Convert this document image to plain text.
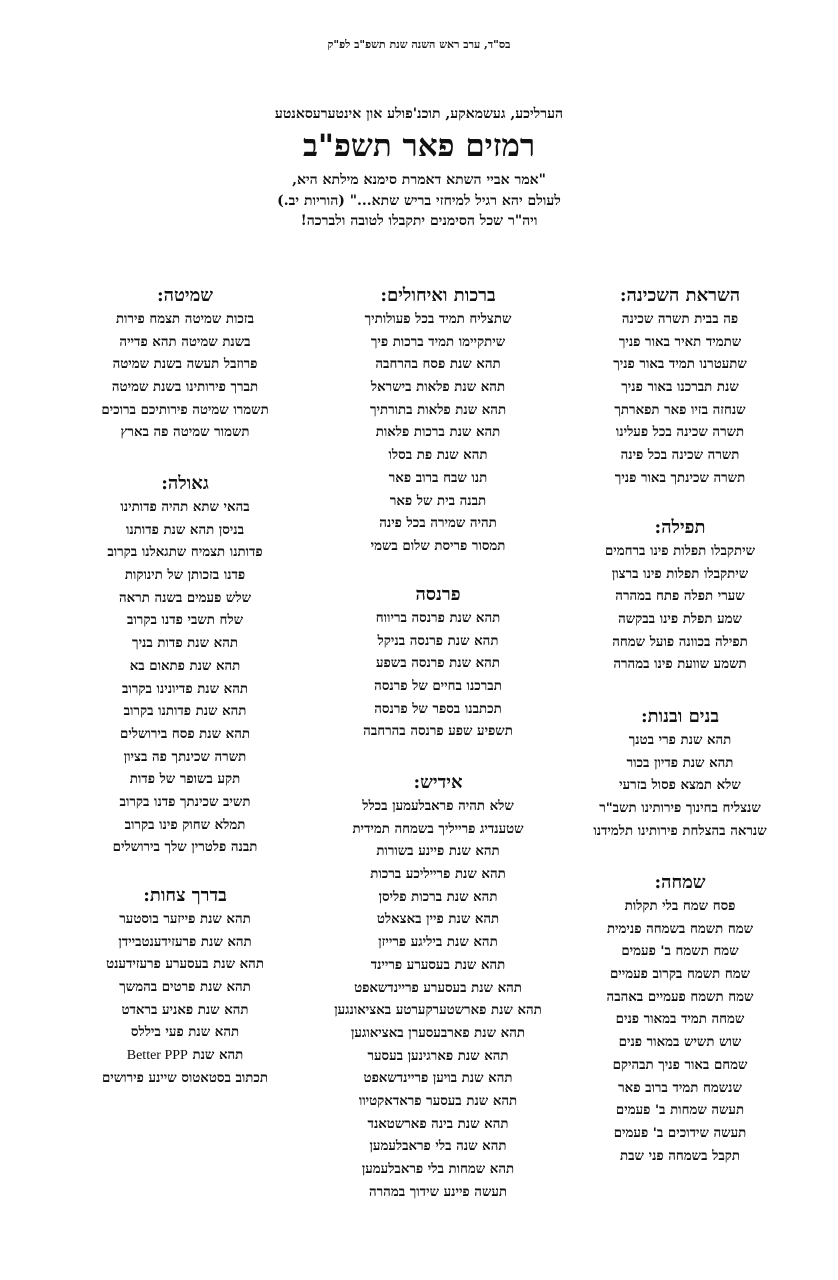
בס"ד, ערב ראש השנה שנת תשפ"ב לפ"ק
הערליכע, געשמאקע, תוכנ'פולע און אינטערעסאנטע
רמזים פאר תשפ"ב
"אמר אביי השתא דאמרת סימנא מילתא היא,
לעולם יהא רגיל למיחזי בריש שתא..." (הוריות יב.)
ויה"ר שכל הסימנים יתקבלו לטובה ולברכה!
השראת השכינה:
פה בבית תשרה שכינה
שתמיד תאיר באור פניך
שתעטרנו תמיד באור פניך
שנת תברכנו באור פניך
שנחזה בזיו פאר תפארתך
תשרה שכינה בכל פעלינו
תשרה שכינה בכל פינה
תשרה שכינתך באור פניך
תפילה:
שיתקבלו תפלות פינו ברחמים
שיתקבלו תפלות פינו ברצון
שערי תפלה פתח במהרה
שמע תפלת פינו בבקשה
תפילה בכוונה פועל שמחה
תשמע שוועת פינו במהרה
בנים ובנות:
תהא שנת פרי בטנך
תהא שנת פדיון בכור
שלא תמצא פסול בזרעי
שנצליח בחינוך פירותינו תשב"ר
שנראה בהצלחת פירותינו תלמידנו
שמחה:
פסח שמח בלי תקלות
שמח תשמח בשמחה פנימית
שמח תשמח ב' פעמים
שמח תשמח בקרוב פעמיים
שמח תשמח פעמיים באהבה
שמחה תמיד במאור פנים
שוש תשיש במאור פנים
שמחם באור פניך תבהיקם
שנשמח תמיד ברוב פאר
תעשה שמחות ב' פעמים
תעשה שידוכים ב' פעמים
תקבל בשמחה פני שבת
ברכות ואיחולים:
שתצליח תמיד בכל פעולותיך
שיתקיימו תמיד ברכות פיך
תהא שנת פסח בהרחבה
תהא שנת פלאות בישראל
תהא שנת פלאות בתורתיך
תהא שנת ברכות פלאות
תהא שנת פת בסלו
תנו שבח ברוב פאר
תבנה בית של פאר
תהיה שמירה בכל פינה
תמסור פריסת שלום בשמי
פרנסה
תהא שנת פרנסה בריווח
תהא שנת פרנסה בניקל
תהא שנת פרנסה בשפע
תברכנו בחיים של פרנסה
תכתבנו בספר של פרנסה
תשפיע שפע פרנסה בהרחבה
אידיש:
שלא תהיה פראבלעמען בכלל
שטענדיג פרייליך בשמחה תמידית
תהא שנת פיינע בשורות
תהא שנת פרייליכע ברכות
תהא שנת ברכות פליסן
תהא שנת פיין באצאלט
תהא שנת ביליגע פרייזן
תהא שנת בעסערע פריינד
תהא שנת בעסערע פריינדשאפט
תהא שנת פארשטערקערטע באציאונגען
תהא שנת פארבעסערן באציאוגען
תהא שנת פארגינען בעסער
תהא שנת בויען פריינדשאפט
תהא שנת בעסער פראדאקטיוו
תהא שנת בינה פארשטאנד
תהא שנה בלי פראבלעמען
תהא שמחות בלי פראבלעמען
תעשה פיינע שידוך במהרה
שמיטה:
בזכות שמיטה תצמח פירות
בשנת שמיטה תהא פדייה
פרוזבל תעשה בשנת שמיטה
תברך פירותינו בשנת שמיטה
תשמרו שמיטה פירותיכם ברוכים
תשמור שמיטה פה בארץ
גאולה:
בהאי שתא תהיה פדותינו
בניסן תהא שנת פדותנו
פדותנו תצמיח שתגאלנו בקרוב
פדנו בזכותן של תינוקות
שלש פעמים בשנה תראה
שלח תשבי פדנו בקרוב
תהא שנת פדות בניך
תהא שנת פתאום בא
תהא שנת פדיונינו בקרוב
תהא שנת פדותנו בקרוב
תהא שנת פסח בירושלים
תשרה שכינתך פה בציון
תקע בשופר של פדות
תשיב שכינתך פדנו בקרוב
תמלא שחוק פינו בקרוב
תבנה פלטרין שלך בירושלים
בדרך צחות:
תהא שנת פייזער בוסטער
תהא שנת פרעזידענטביידן
תהא שנת בעסערע פרעזידענט
תהא שנת פרטים בהמשך
תהא שנת פאניע בראדט
תהא שנת פעי ביללס
תהא שנת Better PPP
תכתוב בסטאטוס שיינע פירושים
